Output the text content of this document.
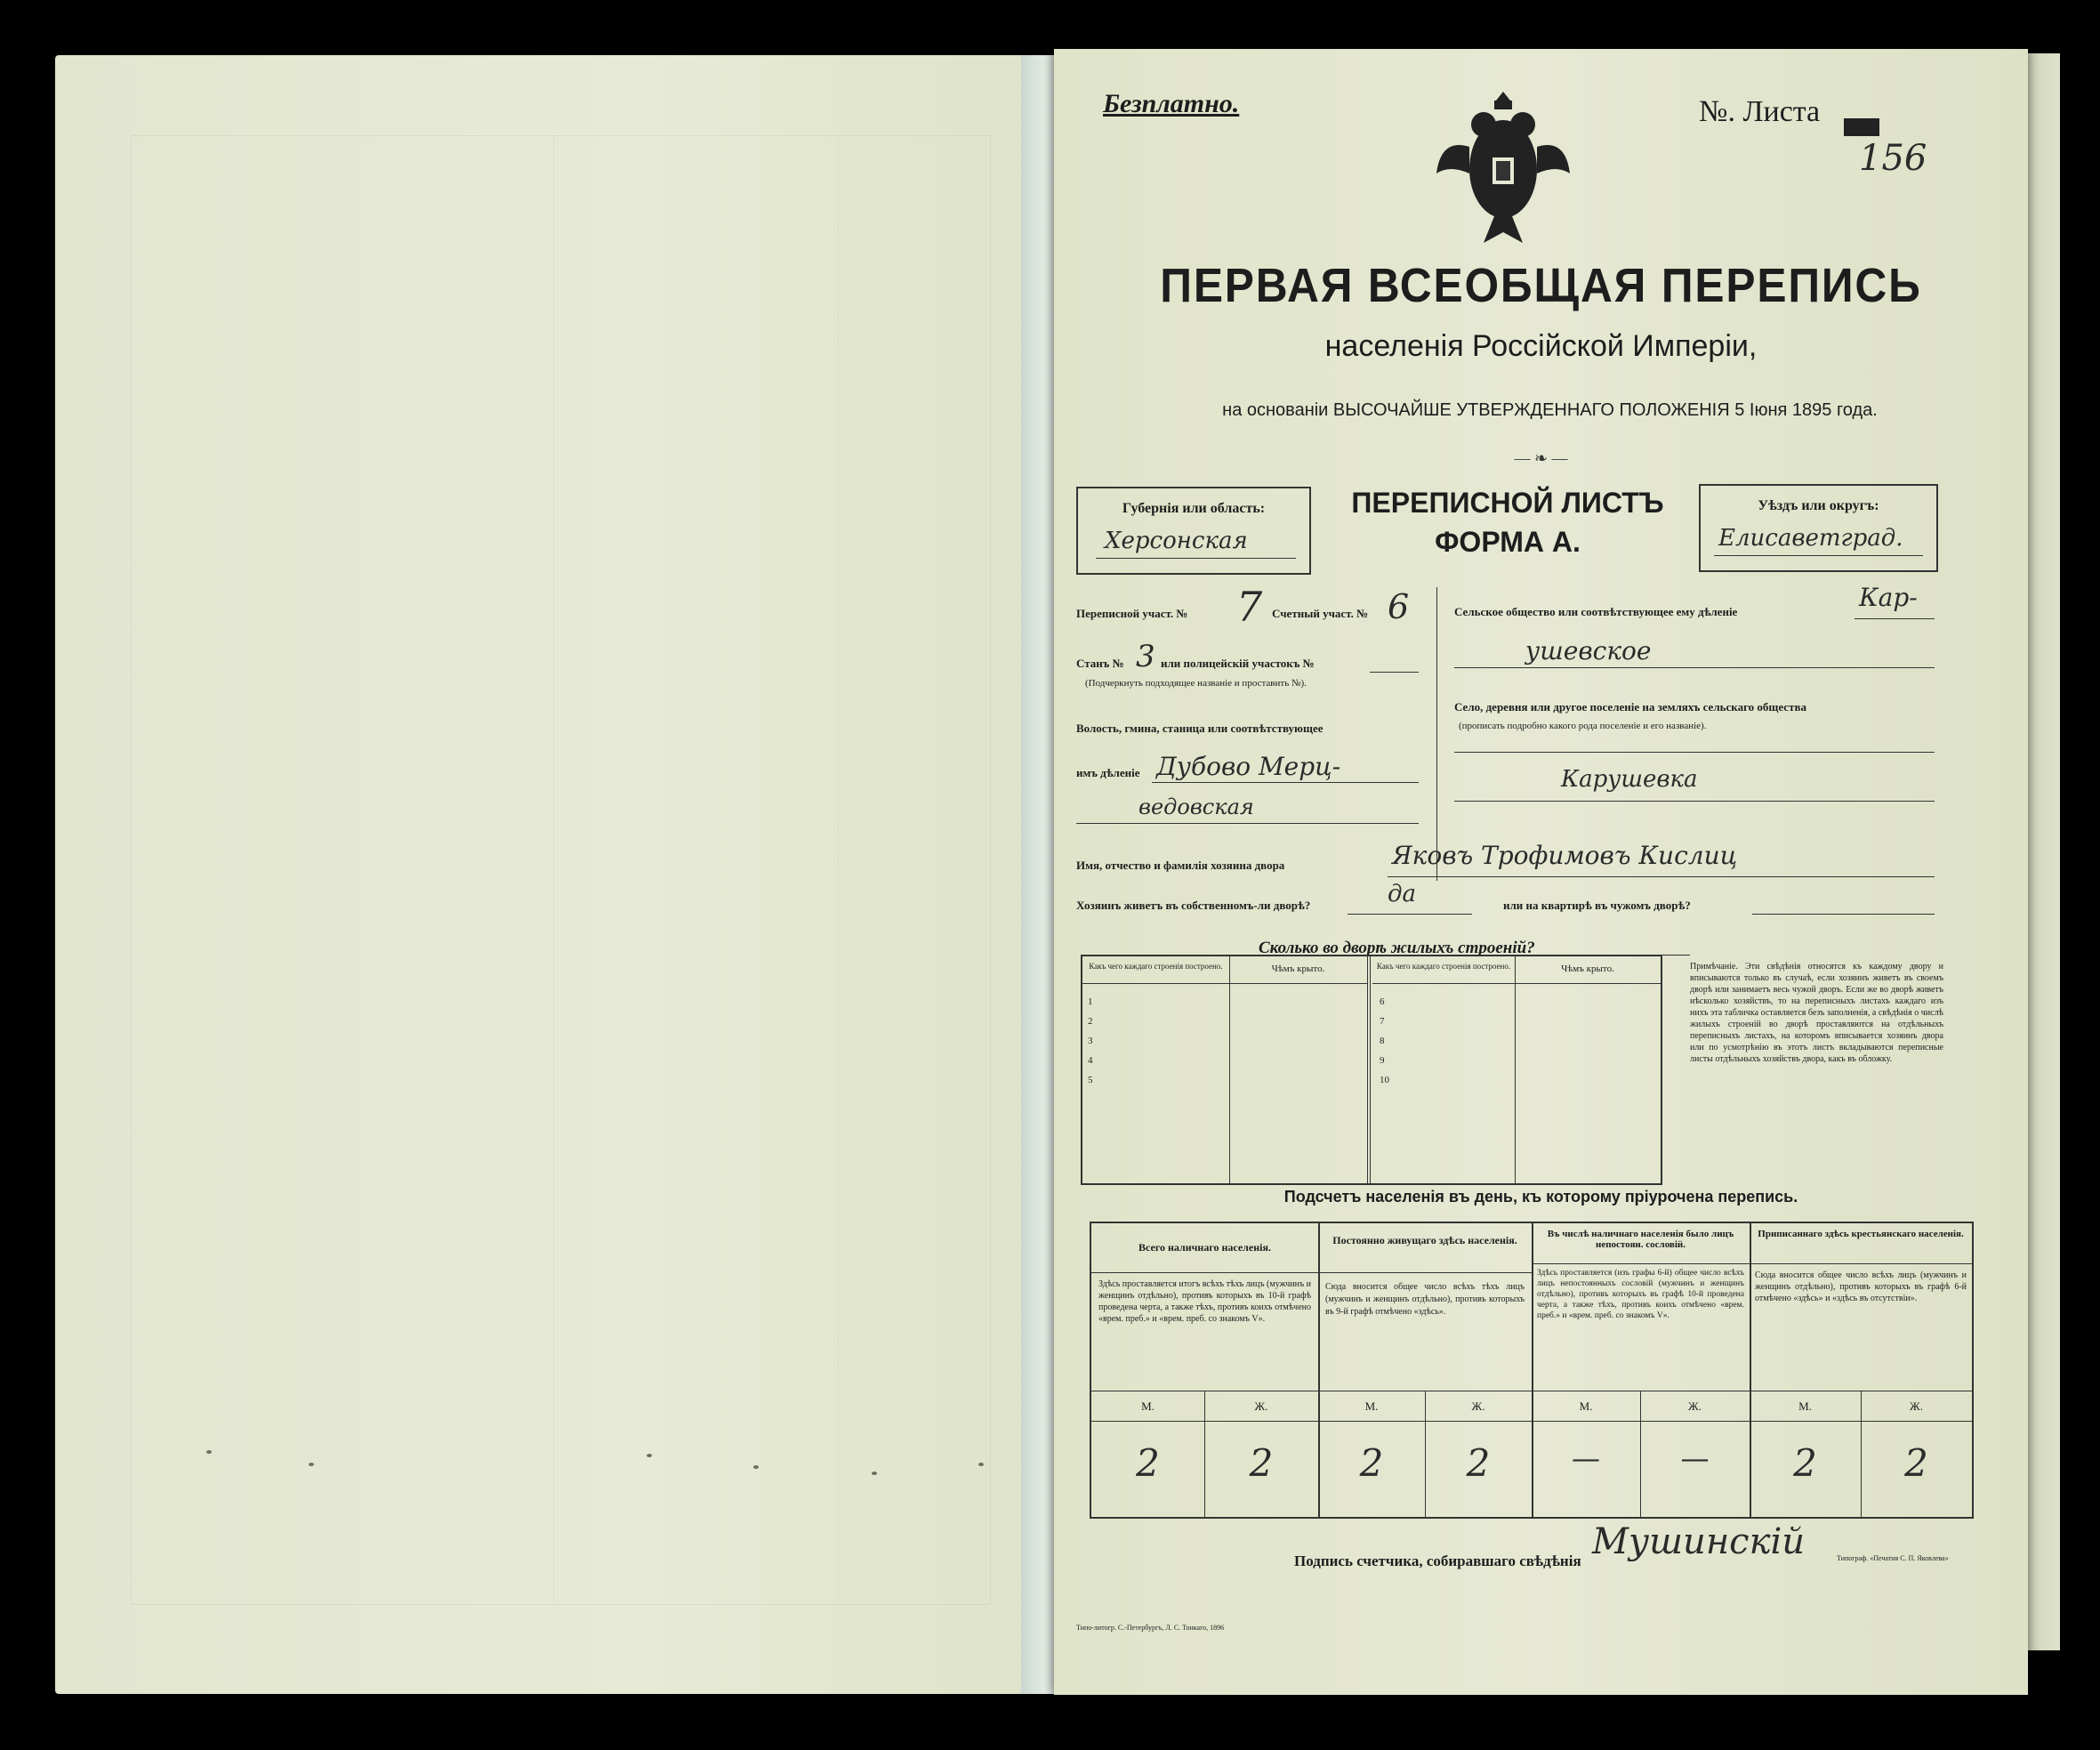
Безплатно.	№. Листа
156
ПЕРВАЯ ВСЕОБЩАЯ ПЕРЕПИСЬ
населенія Россійской Имперіи,
на основаніи ВЫСОЧАЙШЕ УТВЕРЖДЕННАГО ПОЛОЖЕНІЯ 5 Іюня 1895 года.
— ❧ —
Губернія или область:
Херсонская
ПЕРЕПИСНОЙ ЛИСТЪ
ФОРМА А.
Уѣздъ или округъ:
Елисаветград.
Переписной участ. № 7 Счетный участ. № 6
Станъ № 3 или полицейскій участокъ №
(Подчеркнуть подходящее названіе и проставить №).
Волость, гмина, станица или соотвѣтствующее
имъ дѣленіе Дубово Мерц-
ведовская
Сельское общество или соотвѣтствующее ему дѣленіе	Кар-
ушевское
Село, деревня или другое поселеніе на земляхъ сельскаго общества
(прописать подробно какого рода поселеніе и его названіе).
Карушевка
Имя, отчество и фамилія хозяина двора	Яковъ Трофимовъ Кислиц
Хозяинъ живетъ въ собственномъ-ли дворѣ?	да	или на квартирѣ въ чужомъ дворѣ?
Сколько во дворѣ жилыхъ строеній?
Какъ чего каждаго строенія построено.	Чѣмъ крыто.
1
2
3
4
5
Какъ чего каждаго строенія построено.	Чѣмъ крыто.
6
7
8
9
10
Примѣчаніе. Эти свѣдѣнія относятся къ каждому двору и вписываются только въ случаѣ, если хозяинъ живетъ въ своемъ дворѣ или занимаетъ весь чужой дворъ. Если же во дворѣ живетъ нѣсколько хозяйствъ, то на переписныхъ листахъ каждаго изъ нихъ эта табличка оставляется безъ заполненія, а свѣдѣнія о числѣ жилыхъ строеній во дворѣ проставляются на отдѣльныхъ переписныхъ листахъ, на которомъ вписывается хозяинъ двора или по усмотрѣнію въ этотъ листъ вкладываются переписные листы отдѣльныхъ хозяйствъ двора, какъ въ обложку.
Подсчетъ населенія въ день, къ которому пріурочена перепись.
Всего наличнаго населенія.
Здѣсь проставляется итогъ всѣхъ тѣхъ лицъ (мужчинъ и женщинъ отдѣльно), противъ которыхъ въ 10-й графѣ проведена черта, а также тѣхъ, противъ коихъ отмѣчено «врем. преб.» и «врем. преб. со знакомъ V».
Постоянно живущаго здѣсь населенія.
Сюда вносится общее число всѣхъ тѣхъ лицъ (мужчинъ и женщинъ отдѣльно), противъ которыхъ въ 9-й графѣ отмѣчено «здѣсь».
Въ числѣ наличнаго населенія было лицъ непостоян. сословій.
Здѣсь проставляется (изъ графы 6-й) общее число всѣхъ лицъ непостоянныхъ сословій (мужчинъ и женщинъ отдѣльно), противъ которыхъ въ графѣ 10-й проведена черта, а также тѣхъ, противъ коихъ отмѣчено «врем. преб.» и «врем. преб. со знакомъ V».
Приписаннаго здѣсь крестьянскаго населенія.
Сюда вносится общее число всѣхъ лицъ (мужчинъ и женщинъ отдѣльно), противъ которыхъ въ графѣ 6-й отмѣчено «здѣсь» и «здѣсь въ отсутствіи».
М.	Ж.	М.	Ж.	М.	Ж.	М.	Ж.
2	2	2	2	—	—	2	2
Подпись счетчика, собиравшаго свѣдѣнія Мушинскій
Типо-литогр. С.-Петербургъ, Л. С. Тонкаго, 1896
Типограф. «Печатня С. П. Яковлева»
